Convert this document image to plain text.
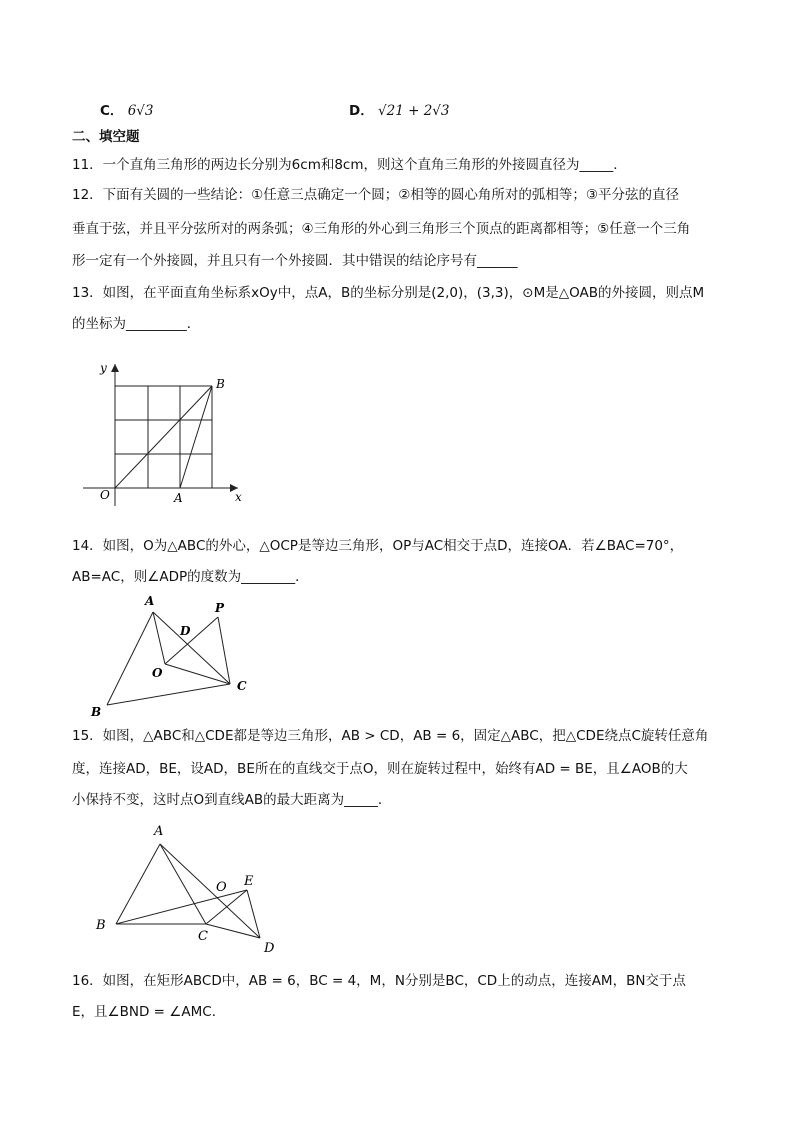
C． 6√3	D． √21 + 2√3
二、填空题
11．一个直角三角形的两边长分别为6cm和8cm，则这个直角三角形的外接圆直径为_____．
12．下面有关圆的一些结论：①任意三点确定一个圆；②相等的圆心角所对的弧相等；③平分弦的直径
垂直于弦，并且平分弦所对的两条弧；④三角形的外心到三角形三个顶点的距离都相等；⑤任意一个三角
形一定有一个外接圆，并且只有一个外接圆．其中错误的结论序号有______
13．如图，在平面直角坐标系xOy中，点A，B的坐标分别是(2,0)，(3,3)，⊙M是△OAB的外接圆，则点M
的坐标为_________．
y
x
O	A
B
14．如图，O为△ABC的外心，△OCP是等边三角形，OP与AC相交于点D，连接OA．若∠BAC=70°，
AB=AC，则∠ADP的度数为________．
A
B
C
D
O
P
15．如图，△ABC和△CDE都是等边三角形，AB > CD，AB = 6，固定△ABC，把△CDE绕点C旋转任意角
度，连接AD，BE，设AD，BE所在的直线交于点O，则在旋转过程中，始终有AD = BE，且∠AOB的大
小保持不变，这时点O到直线AB的最大距离为_____．
A
B
C
D
E
O
16．如图，在矩形ABCD中，AB = 6，BC = 4，M，N分别是BC，CD上的动点，连接AM，BN交于点
E，且∠BND = ∠AMC．
